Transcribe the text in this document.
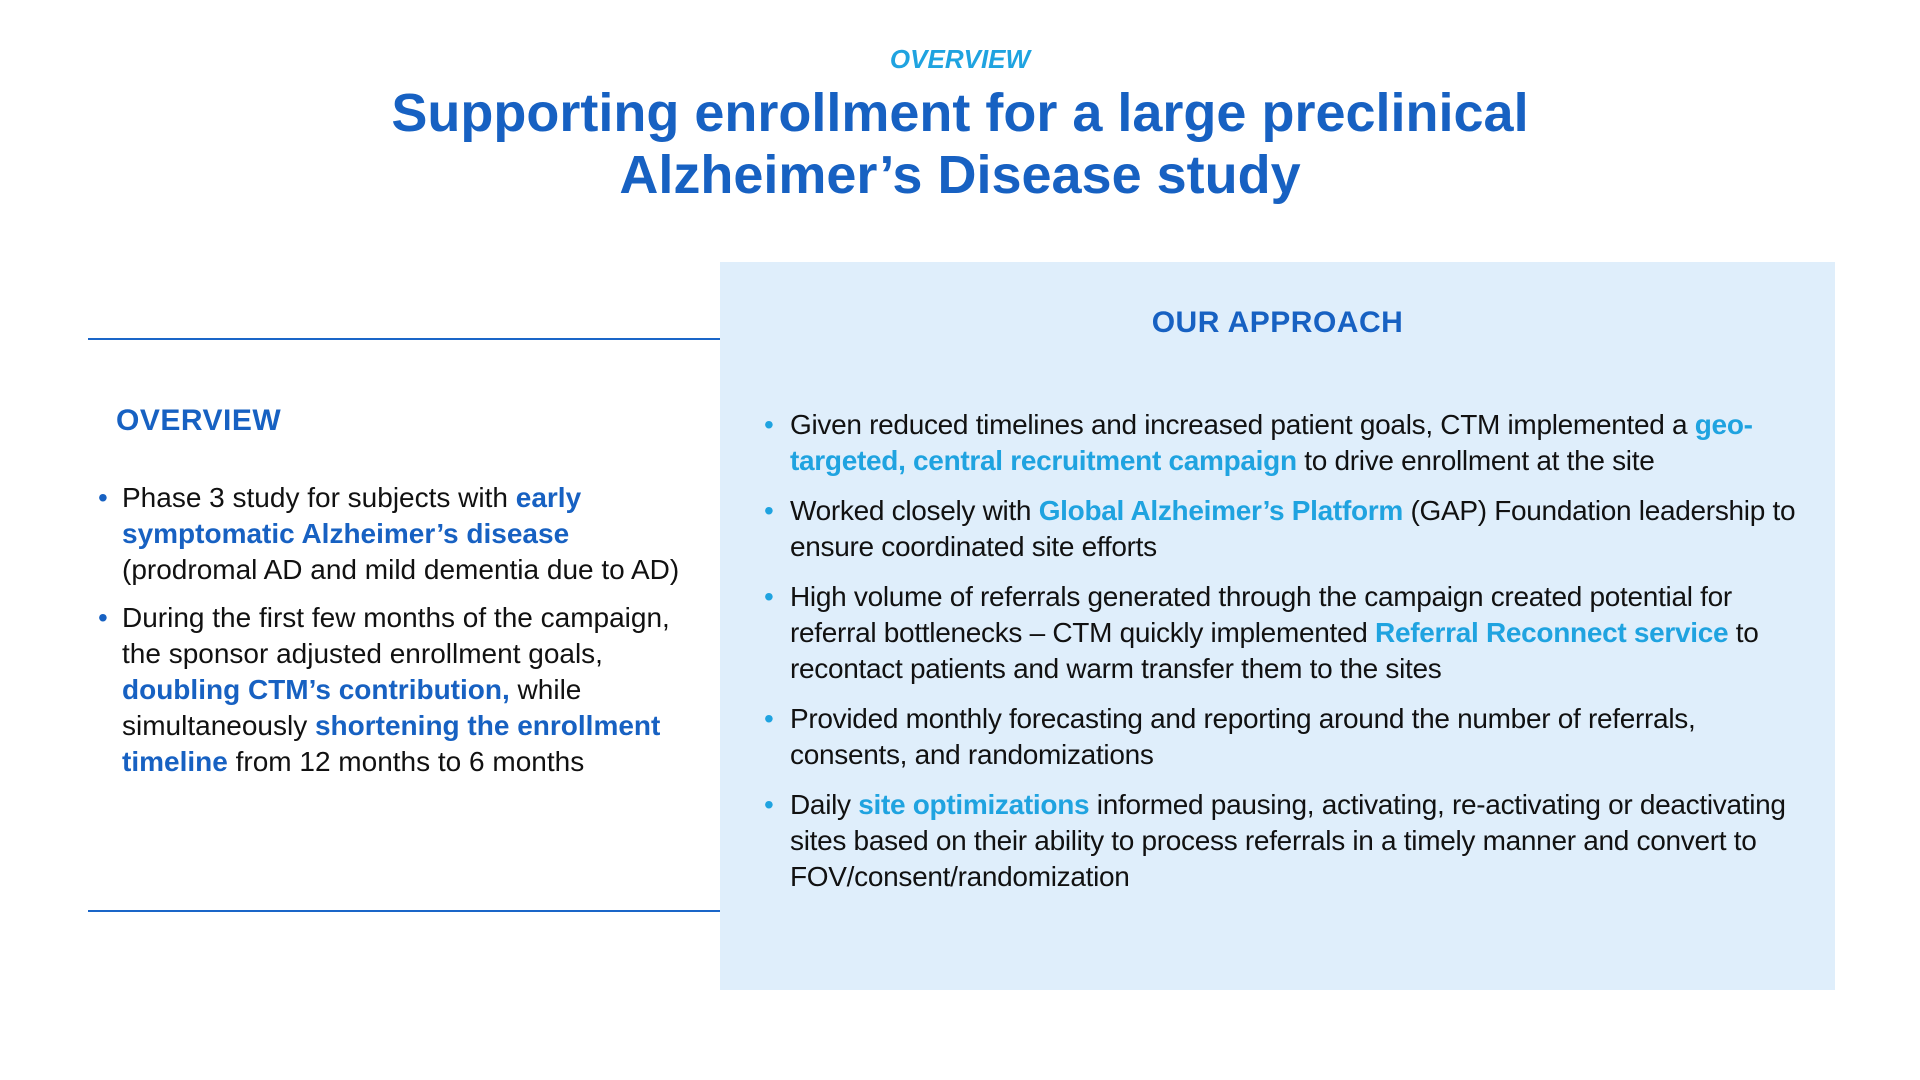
OVERVIEW
Supporting enrollment for a large preclinical
Alzheimer’s Disease study
OVERVIEW
• Phase 3 study for subjects with early symptomatic Alzheimer’s disease (prodromal AD and mild dementia due to AD)
• During the first few months of the campaign, the sponsor adjusted enrollment goals, doubling CTM’s contribution, while simultaneously shortening the enrollment timeline from 12 months to 6 months
OUR APPROACH
• Given reduced timelines and increased patient goals, CTM implemented a geo-targeted, central recruitment campaign to drive enrollment at the site
• Worked closely with Global Alzheimer’s Platform (GAP) Foundation leadership to ensure coordinated site efforts
• High volume of referrals generated through the campaign created potential for referral bottlenecks – CTM quickly implemented Referral Reconnect service to recontact patients and warm transfer them to the sites
• Provided monthly forecasting and reporting around the number of referrals, consents, and randomizations
• Daily site optimizations informed pausing, activating, re-activating or deactivating sites based on their ability to process referrals in a timely manner and convert to FOV/consent/randomization
